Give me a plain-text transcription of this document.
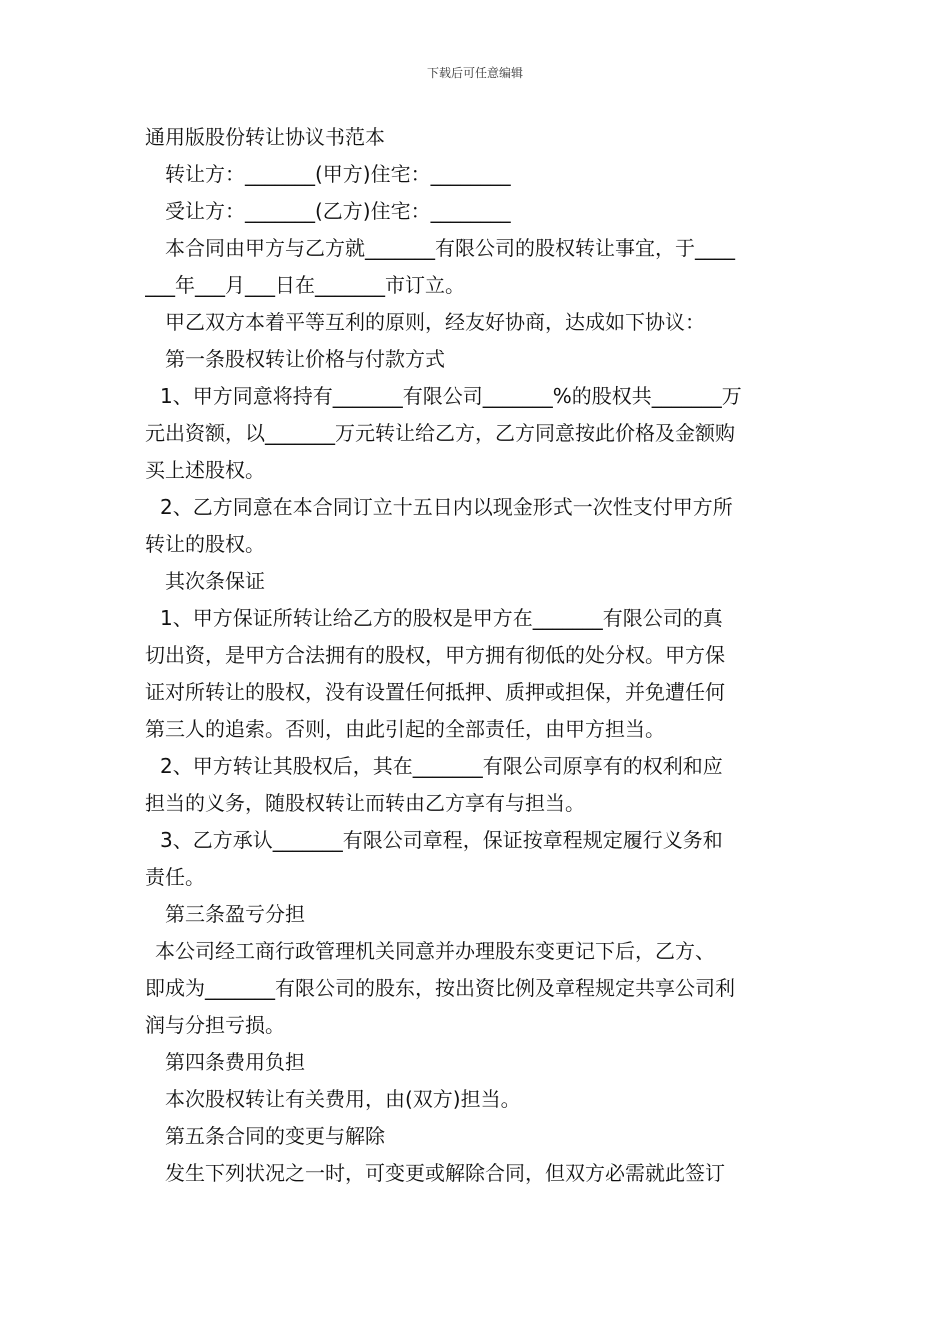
下载后可任意编辑
通用版股份转让协议书范本
转让方：_______(甲方)住宅：________
受让方：_______(乙方)住宅：________
本合同由甲方与乙方就_______有限公司的股权转让事宜，于____
___年___月___日在_______市订立。
甲乙双方本着平等互利的原则，经友好协商，达成如下协议：
第一条股权转让价格与付款方式
1、甲方同意将持有_______有限公司_______%的股权共_______万
元出资额，以_______万元转让给乙方，乙方同意按此价格及金额购
买上述股权。
2、乙方同意在本合同订立十五日内以现金形式一次性支付甲方所
转让的股权。
其次条保证
1、甲方保证所转让给乙方的股权是甲方在_______有限公司的真
切出资，是甲方合法拥有的股权，甲方拥有彻低的处分权。甲方保
证对所转让的股权，没有设置任何抵押、质押或担保，并免遭任何
第三人的追索。否则，由此引起的全部责任，由甲方担当。
2、甲方转让其股权后，其在_______有限公司原享有的权利和应
担当的义务，随股权转让而转由乙方享有与担当。
3、乙方承认_______有限公司章程，保证按章程规定履行义务和
责任。
第三条盈亏分担
本公司经工商行政管理机关同意并办理股东变更记下后，乙方、
即成为_______有限公司的股东，按出资比例及章程规定共享公司利
润与分担亏损。
第四条费用负担
本次股权转让有关费用，由(双方)担当。
第五条合同的变更与解除
发生下列状况之一时，可变更或解除合同，但双方必需就此签订
